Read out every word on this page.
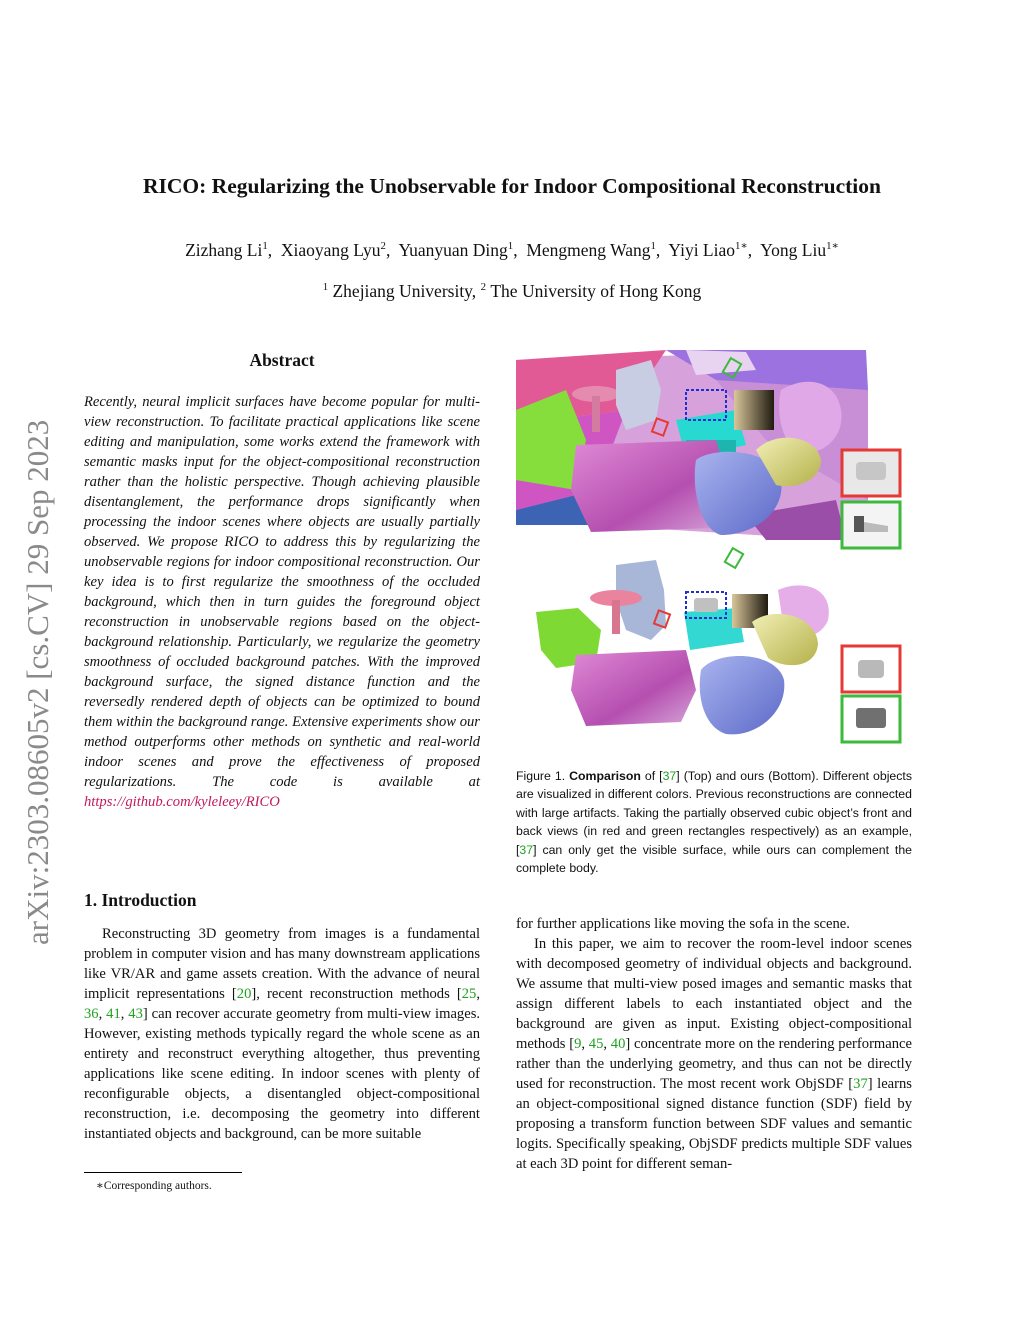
RICO: Regularizing the Unobservable for Indoor Compositional Reconstruction
Zizhang Li$^1$,  Xiaoyang Lyu$^2$,  Yuanyuan Ding$^1$,  Mengmeng Wang$^1$,  Yiyi Liao$^{1∗}$,  Yong Liu$^{1∗}$
$^1$ Zhejiang University, $^2$ The University of Hong Kong
arXiv:2303.08605v2 [cs.CV] 29 Sep 2023
Abstract
Recently, neural implicit surfaces have become popular for multi-view reconstruction. To facilitate practical applications like scene editing and manipulation, some works extend the framework with semantic masks input for the object-compositional reconstruction rather than the holistic perspective. Though achieving plausible disentanglement, the performance drops significantly when processing the indoor scenes where objects are usually partially observed. We propose RICO to address this by regularizing the unobservable regions for indoor compositional reconstruction. Our key idea is to first regularize the smoothness of the occluded background, which then in turn guides the foreground object reconstruction in unobservable regions based on the object-background relationship. Particularly, we regularize the geometry smoothness of occluded background patches. With the improved background surface, the signed distance function and the reversedly rendered depth of objects can be optimized to bound them within the background range. Extensive experiments show our method outperforms other methods on synthetic and real-world indoor scenes and prove the effectiveness of proposed regularizations. The code is available at https://github.com/kyleleey/RICO
1. Introduction
Reconstructing 3D geometry from images is a fundamental problem in computer vision and has many downstream applications like VR/AR and game assets creation. With the advance of neural implicit representations [20], recent reconstruction methods [25, 36, 41, 43] can recover accurate geometry from multi-view images. However, existing methods typically regard the whole scene as an entirety and reconstruct everything altogether, thus preventing applications like scene editing. In indoor scenes with plenty of reconfigurable objects, a disentangled object-compositional reconstruction, i.e. decomposing the geometry into different instantiated objects and background, can be more suitable
∗Corresponding authors.
Figure 1. Comparison of [37] (Top) and ours (Bottom). Different objects are visualized in different colors. Previous reconstructions are connected with large artifacts. Taking the partially observed cubic object’s front and back views (in red and green rectangles respectively) as an example, [37] can only get the visible surface, while ours can complement the complete body.

for further applications like moving the sofa in the scene.

In this paper, we aim to recover the room-level indoor scenes with decomposed geometry of individual objects and background. We assume that multi-view posed images and semantic masks that assign different labels to each instantiated object and the background are given as input. Existing object-compositional methods [9, 45, 40] concentrate more on the rendering performance rather than the underlying geometry, and thus can not be directly used for reconstruction. The most recent work ObjSDF [37] learns an object-compositional signed distance function (SDF) field by proposing a transform function between SDF values and semantic logits. Specifically speaking, ObjSDF predicts multiple SDF values at each 3D point for different seman-
